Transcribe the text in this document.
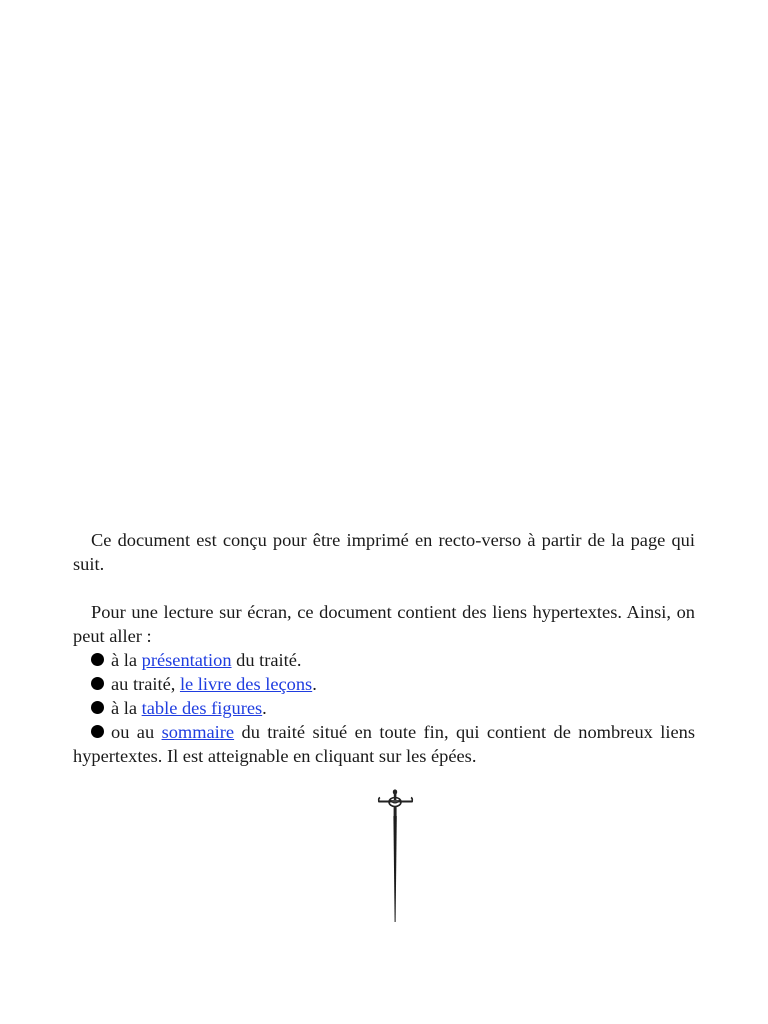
Ce document est conçu pour être imprimé en recto-verso à partir de la page qui suit.

Pour une lecture sur écran, ce document contient des liens hypertextes. Ainsi, on peut aller :

à la présentation du traité.

au traité, le livre des leçons.

à la table des figures.

ou au sommaire du traité situé en toute fin, qui contient de nombreux liens hypertextes. Il est atteignable en cliquant sur les épées.
